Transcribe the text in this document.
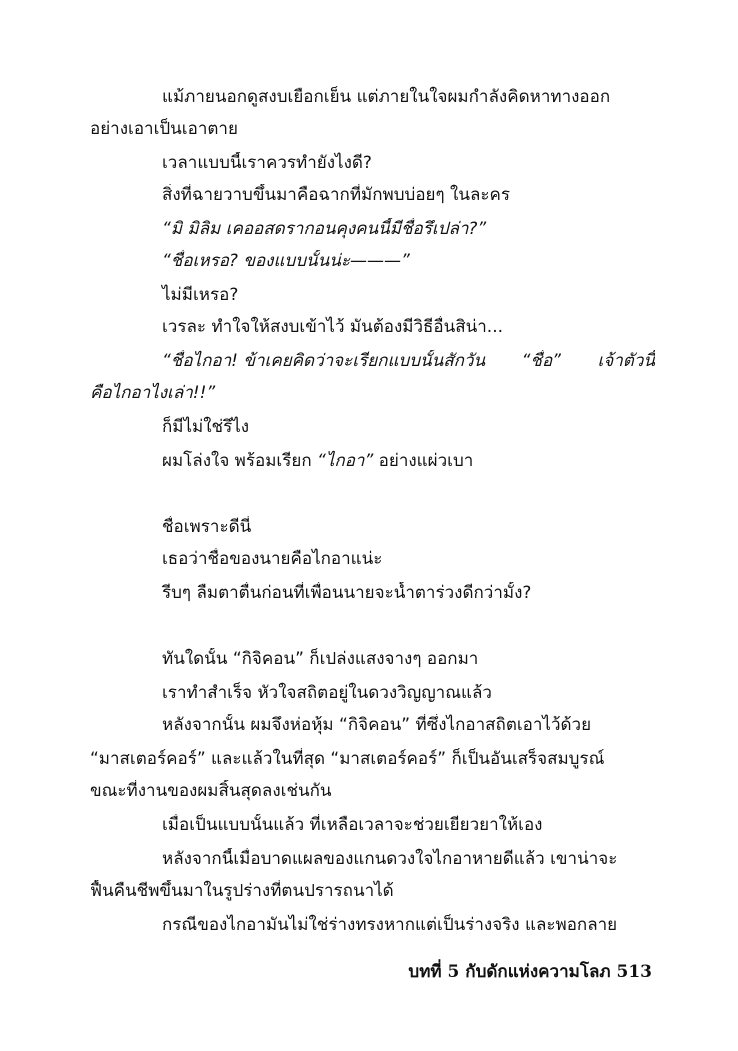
แม้ภายนอกดูสงบเยือกเย็น แต่ภายในใจผมกำลังคิดหาทางออก
อย่างเอาเป็นเอาตาย
เวลาแบบนี้เราควรทำยังไงดี?
สิ่งที่ฉายวาบขึ้นมาคือฉากที่มักพบบ่อยๆ ในละคร
“มิ มิลิม เคออสดรากอนคุงคนนี้มีชื่อรึเปล่า?”
“ชื่อเหรอ? ของแบบนั้นน่ะ———”
ไม่มีเหรอ?
เวรละ ทำใจให้สงบเข้าไว้ มันต้องมีวิธีอื่นสิน่า...
“ชื่อไกอา! ข้าเคยคิดว่าจะเรียกแบบนั้นสักวัน “ชื่อ” เจ้าตัวนี้
คือไกอาไงเล่า!!”
ก็มีไม่ใช่รึไง
ผมโล่งใจ พร้อมเรียก “ไกอา” อย่างแผ่วเบา
ชื่อเพราะดีนี่
เธอว่าชื่อของนายคือไกอาแน่ะ
รีบๆ ลืมตาตื่นก่อนที่เพื่อนนายจะน้ำตาร่วงดีกว่ามั้ง?
ทันใดนั้น “กิจิคอน” ก็เปล่งแสงจางๆ ออกมา
เราทำสำเร็จ หัวใจสถิตอยู่ในดวงวิญญาณแล้ว
หลังจากนั้น ผมจึงห่อหุ้ม “กิจิคอน” ที่ซึ่งไกอาสถิตเอาไว้ด้วย
“มาสเตอร์คอร์” และแล้วในที่สุด “มาสเตอร์คอร์” ก็เป็นอันเสร็จสมบูรณ์
ขณะที่งานของผมสิ้นสุดลงเช่นกัน
เมื่อเป็นแบบนั้นแล้ว ที่เหลือเวลาจะช่วยเยียวยาให้เอง
หลังจากนี้เมื่อบาดแผลของแกนดวงใจไกอาหายดีแล้ว เขาน่าจะ
ฟื้นคืนชีพขึ้นมาในรูปร่างที่ตนปรารถนาได้
กรณีของไกอามันไม่ใช่ร่างทรงหากแต่เป็นร่างจริง และพอกลาย
บทที่ 5 กับดักแห่งความโลภ 513
